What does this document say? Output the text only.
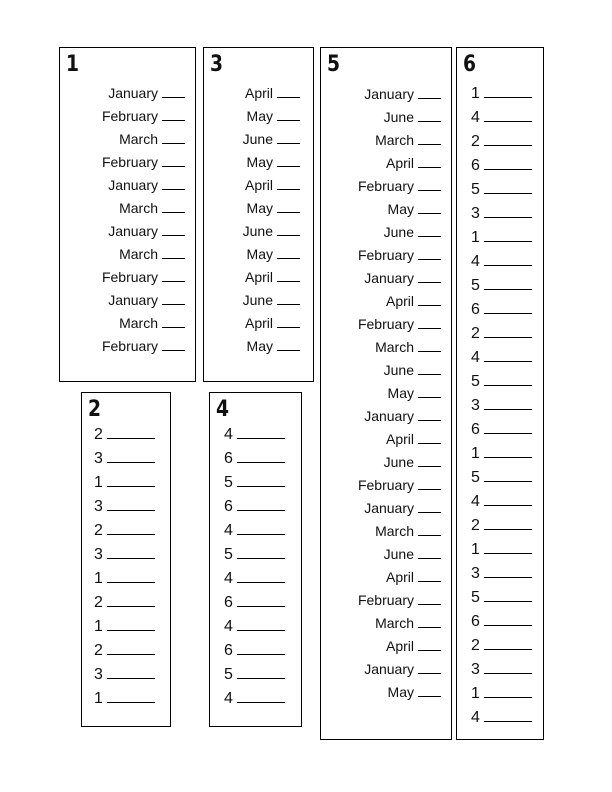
1
January
February
March
February
January
March
January
March
February
January
March
February
3
April
May
June
May
April
May
June
May
April
June
April
May
5
January
June
March
April
February
May
June
February
January
April
February
March
June
May
January
April
June
February
January
March
June
April
February
March
April
January
May
6
1
4
2
6
5
3
1
4
5
6
2
4
5
3
6
1
5
4
2
1
3
5
6
2
3
1
4
2
2
3
1
3
2
3
1
2
1
2
3
1
4
4
6
5
6
4
5
4
6
4
6
5
4
